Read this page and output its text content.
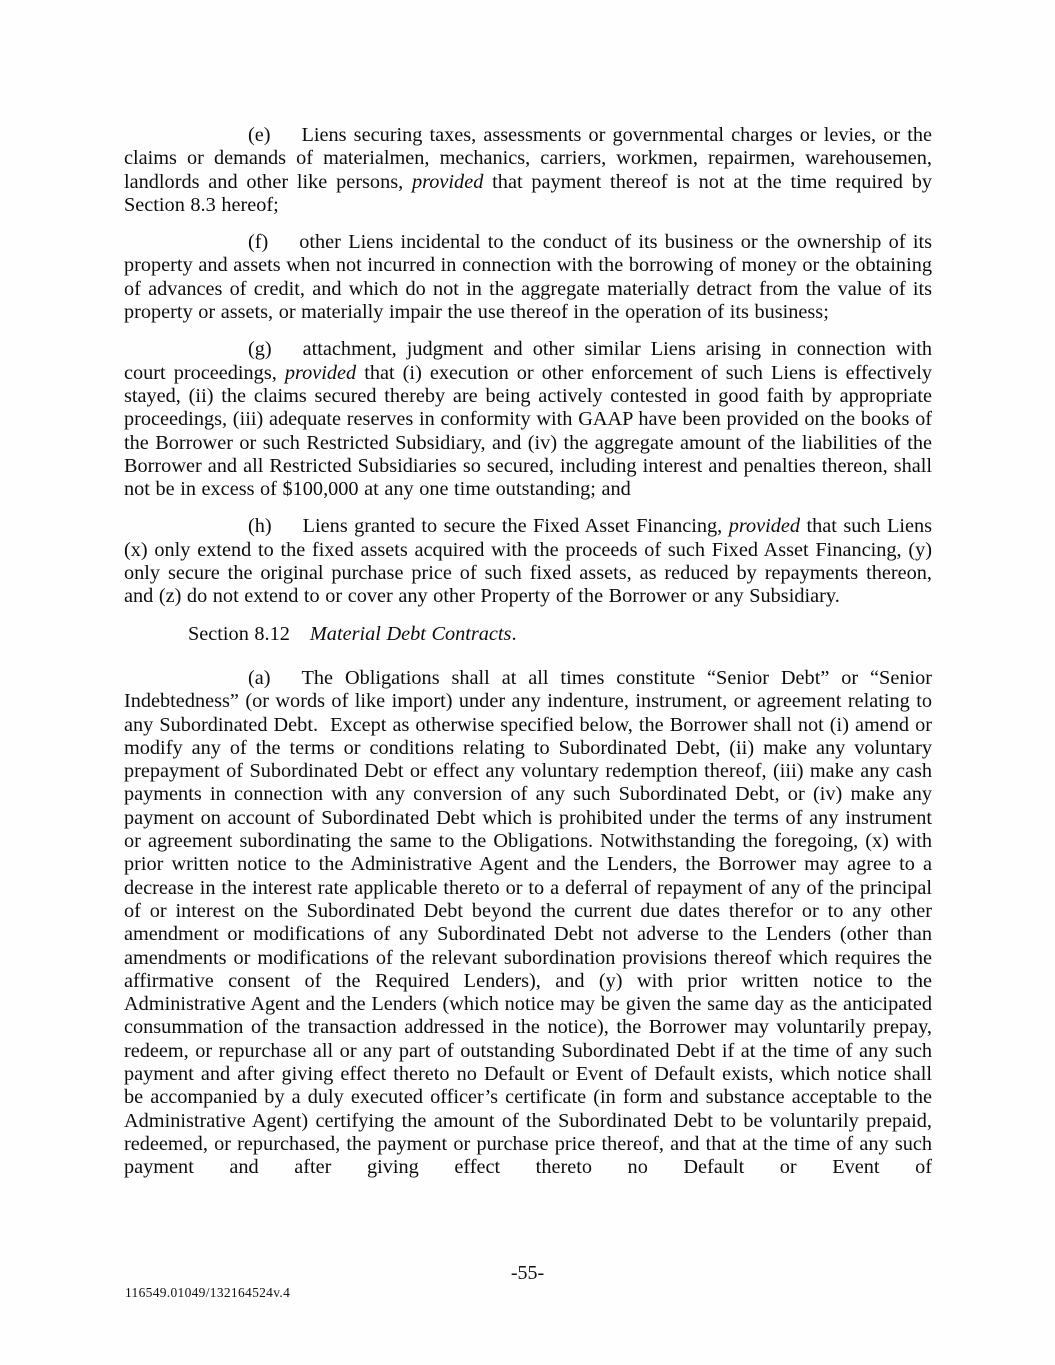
(e) Liens securing taxes, assessments or governmental charges or levies, or the claims or demands of materialmen, mechanics, carriers, workmen, repairmen, warehousemen, landlords and other like persons, provided that payment thereof is not at the time required by Section 8.3 hereof;

(f) other Liens incidental to the conduct of its business or the ownership of its property and assets when not incurred in connection with the borrowing of money or the obtaining of advances of credit, and which do not in the aggregate materially detract from the value of its property or assets, or materially impair the use thereof in the operation of its business;

(g) attachment, judgment and other similar Liens arising in connection with court proceedings, provided that (i) execution or other enforcement of such Liens is effectively stayed, (ii) the claims secured thereby are being actively contested in good faith by appropriate proceedings, (iii) adequate reserves in conformity with GAAP have been provided on the books of the Borrower or such Restricted Subsidiary, and (iv) the aggregate amount of the liabilities of the Borrower and all Restricted Subsidiaries so secured, including interest and penalties thereon, shall not be in excess of $100,000 at any one time outstanding; and

(h) Liens granted to secure the Fixed Asset Financing, provided that such Liens (x) only extend to the fixed assets acquired with the proceeds of such Fixed Asset Financing, (y) only secure the original purchase price of such fixed assets, as reduced by repayments thereon, and (z) do not extend to or cover any other Property of the Borrower or any Subsidiary.

Section 8.12 Material Debt Contracts.

(a) The Obligations shall at all times constitute “Senior Debt” or “Senior Indebtedness” (or words of like import) under any indenture, instrument, or agreement relating to any Subordinated Debt.  Except as otherwise specified below, the Borrower shall not (i) amend or modify any of the terms or conditions relating to Subordinated Debt, (ii) make any voluntary prepayment of Subordinated Debt or effect any voluntary redemption thereof, (iii) make any cash payments in connection with any conversion of any such Subordinated Debt, or (iv) make any payment on account of Subordinated Debt which is prohibited under the terms of any instrument or agreement subordinating the same to the Obligations. Notwithstanding the foregoing, (x) with prior written notice to the Administrative Agent and the Lenders, the Borrower may agree to a decrease in the interest rate applicable thereto or to a deferral of repayment of any of the principal of or interest on the Subordinated Debt beyond the current due dates therefor or to any other amendment or modifications of any Subordinated Debt not adverse to the Lenders (other than amendments or modifications of the relevant subordination provisions thereof which requires the affirmative consent of the Required Lenders), and (y) with prior written notice to the Administrative Agent and the Lenders (which notice may be given the same day as the anticipated consummation of the transaction addressed in the notice), the Borrower may voluntarily prepay, redeem, or repurchase all or any part of outstanding Subordinated Debt if at the time of any such payment and after giving effect thereto no Default or Event of Default exists, which notice shall be accompanied by a duly executed officer’s certificate (in form and substance acceptable to the Administrative Agent) certifying the amount of the Subordinated Debt to be voluntarily prepaid, redeemed, or repurchased, the payment or purchase price thereof, and that at the time of any such payment and after giving effect thereto no Default or Event of

-55-
116549.01049/132164524v.4
